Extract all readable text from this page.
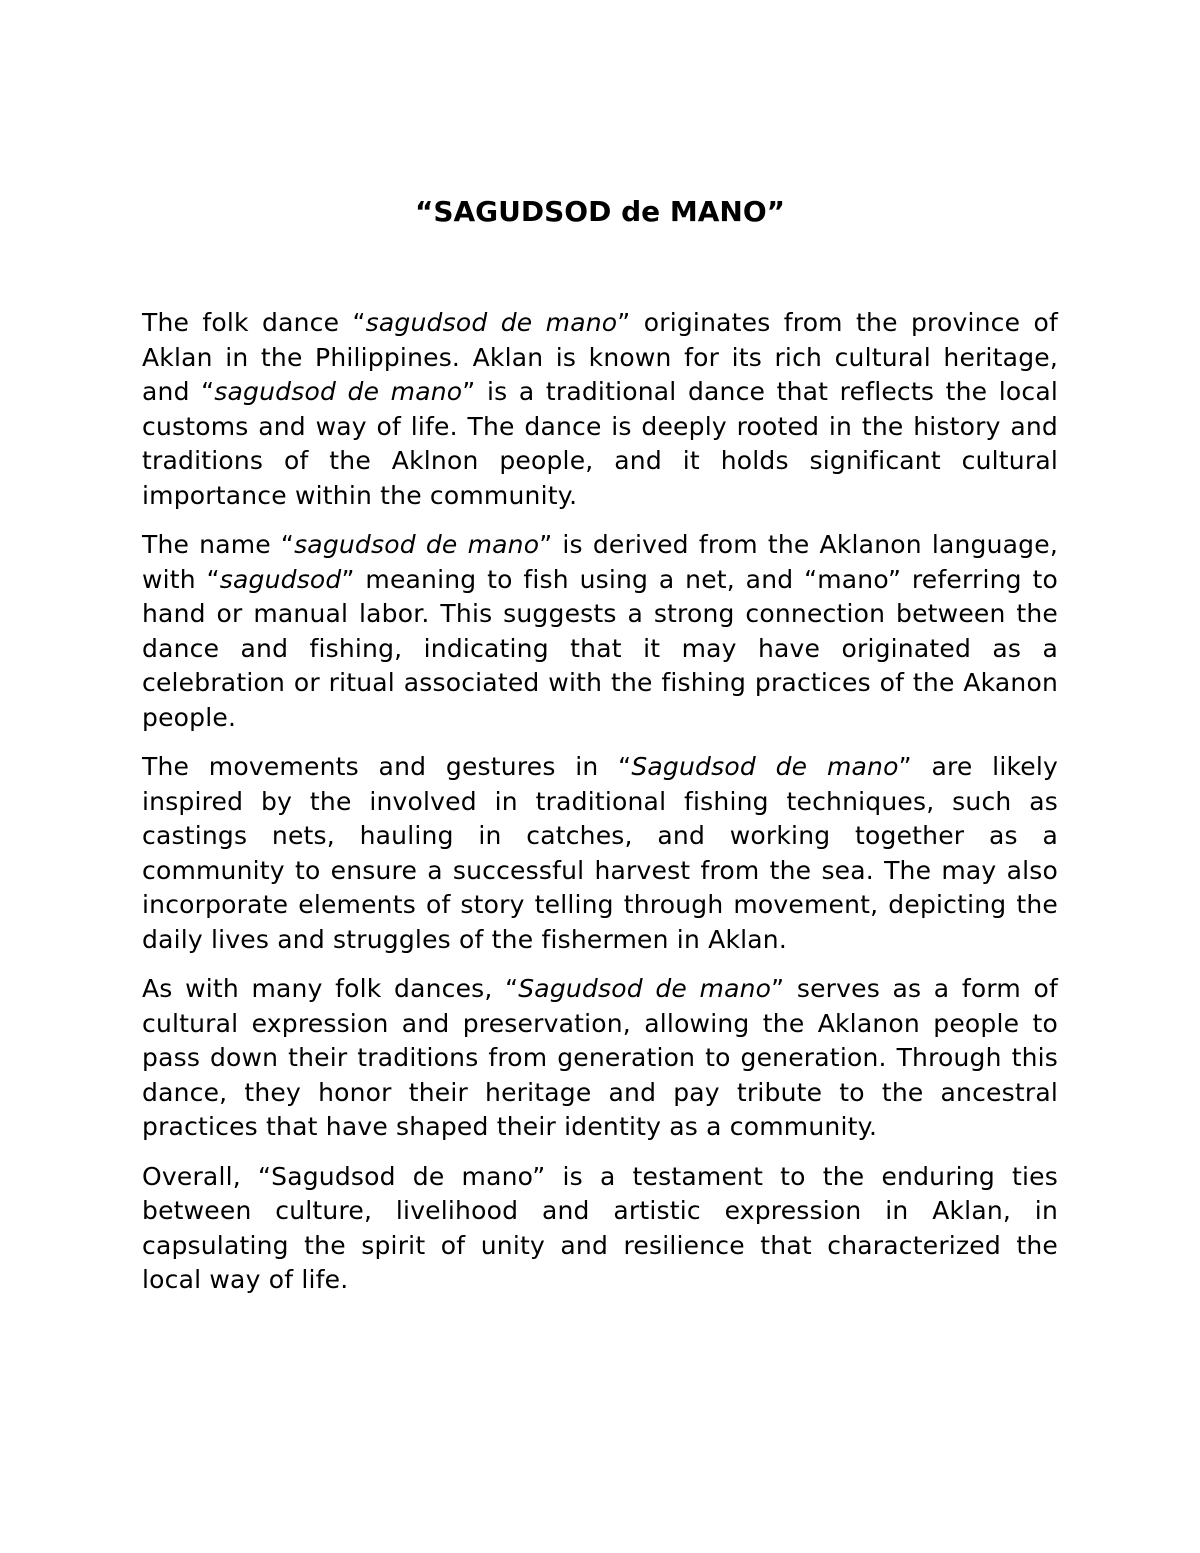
“SAGUDSOD de MANO”

The folk dance “sagudsod de mano” originates from the province of Aklan in the Philippines. Aklan is known for its rich cultural heritage, and “sagudsod de mano” is a traditional dance that reflects the local customs and way of life. The dance is deeply rooted in the history and traditions of the Aklnon people, and it holds significant cultural importance within the community.

The name “sagudsod de mano” is derived from the Aklanon language, with “sagudsod” meaning to fish using a net, and “mano” referring to hand or manual labor. This suggests a strong connection between the dance and fishing, indicating that it may have originated as a celebration or ritual associated with the fishing practices of the Akanon people.

The movements and gestures in “Sagudsod de mano” are likely inspired by the involved in traditional fishing techniques, such as castings nets, hauling in catches, and working together as a community to ensure a successful harvest from the sea. The may also incorporate elements of story telling through movement, depicting the daily lives and struggles of the fishermen in Aklan.

As with many folk dances, “Sagudsod de mano” serves as a form of cultural expression and preservation, allowing the Aklanon people to pass down their traditions from generation to generation. Through this dance, they honor their heritage and pay tribute to the ancestral practices that have shaped their identity as a community.

Overall, “Sagudsod de mano” is a testament to the enduring ties between culture, livelihood and artistic expression in Aklan, in capsulating the spirit of unity and resilience that characterized the local way of life.
